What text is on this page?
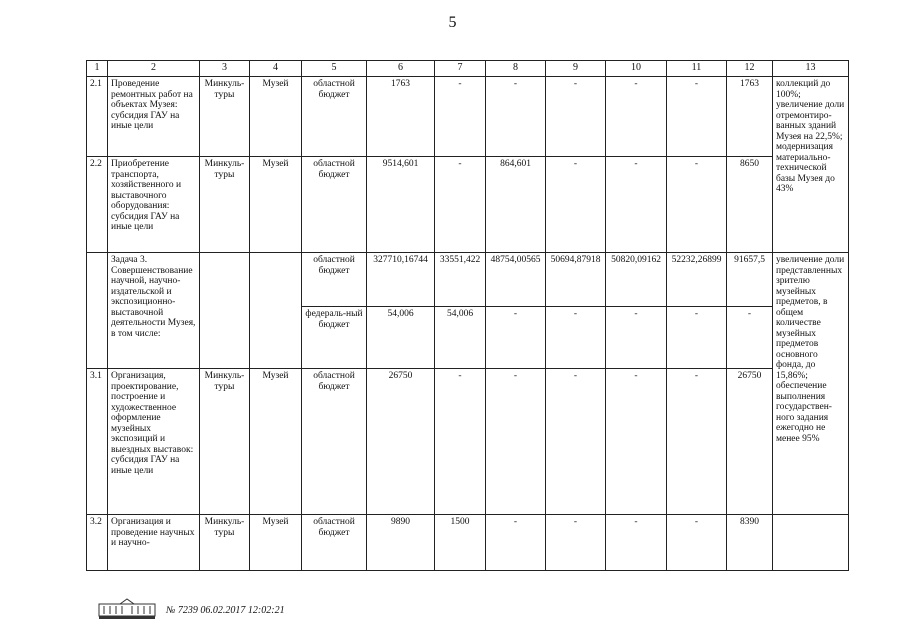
5
1	2	3	4	5	6	7	8	9	10	11	12	13
2.1	Проведение ремонтных работ на объектах Музея: субсидия ГАУ на иные цели	Минкуль-туры	Музей	областной бюджет	1763	-	-	-	-	-	1763	коллекций до 100%; увеличение доли отремонтиро-ванных зданий Музея на 22,5%; модернизация материально-технической базы Музея до 43%
2.2	Приобретение транспорта, хозяйственного и выставочного оборудования: субсидия ГАУ на иные цели	Минкуль-туры	Музей	областной бюджет	9514,601	-	864,601	-	-	-	8650	
	Задача 3. Совершенствование научной, научно-издательской и экспозиционно-выставочной деятельности Музея, в том числе:			областной бюджет	327710,16744	33551,422	48754,00565	50694,87918	50820,09162	52232,26899	91657,5	увеличение доли представленных зрителю музейных предметов, в общем количестве музейных предметов основного фонда, до 15,86%; обеспечение выполнения государствен-ного задания ежегодно не менее 95%
				федераль-ный бюджет	54,006	54,006	-	-	-	-	-	
3.1	Организация, проектирование, построение и художественное оформление музейных экспозиций и выездных выставок: субсидия ГАУ на иные цели	Минкуль-туры	Музей	областной бюджет	26750	-	-	-	-	-	26750	
3.2	Организация и проведение научных и научно-	Минкуль-туры	Музей	областной бюджет	9890	1500	-	-	-	-	8390	
№ 7239 06.02.2017 12:02:21
